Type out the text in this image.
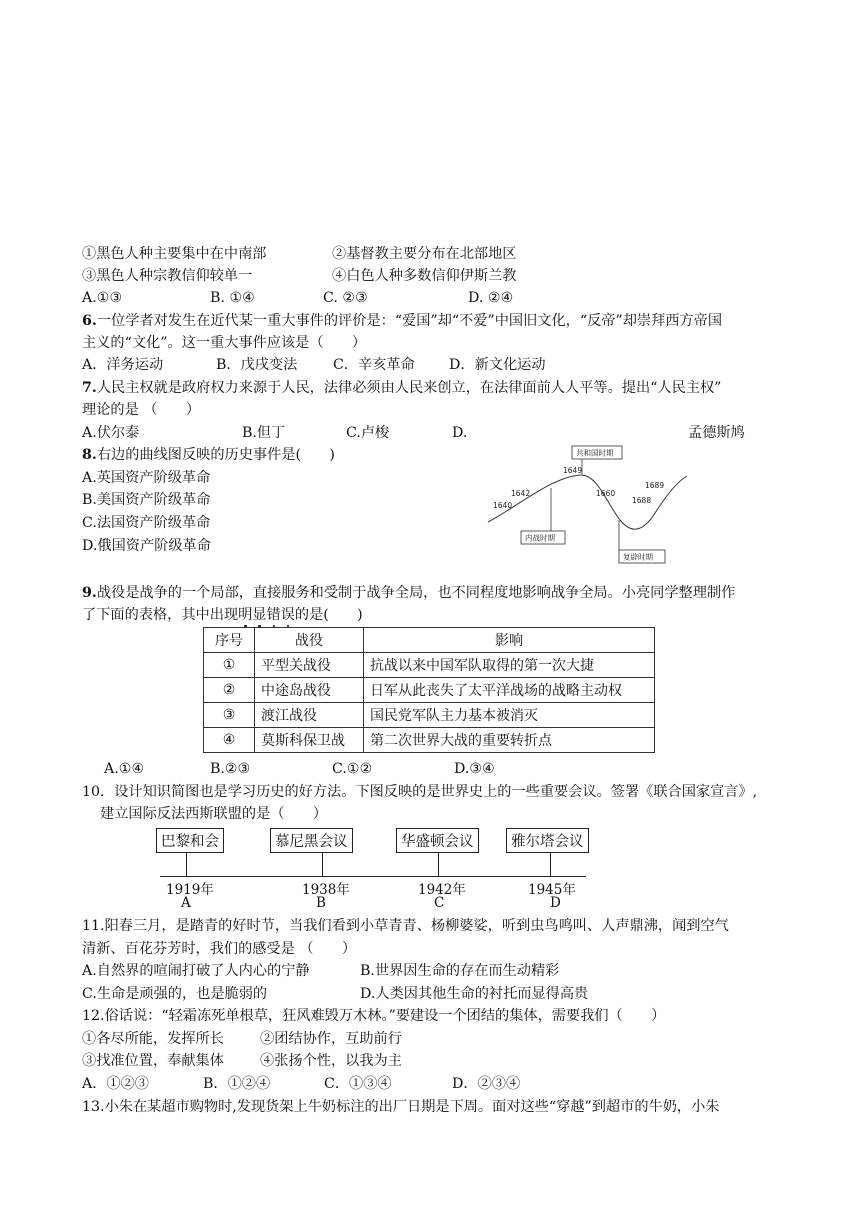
①黑色人种主要集中在中南部	②基督教主要分布在北部地区
③黑色人种宗教信仰较单一	④白色人种多数信仰伊斯兰教
A.①③	B. ①④	C. ②③	D. ②④
6.一位学者对发生在近代某一重大事件的评价是：“爱国”却“不爱”中国旧文化，“反帝”却崇拜西方帝国
主义的“文化”。这一重大事件应该是（　　）
A．洋务运动	B．戊戌变法	C．辛亥革命 D．新文化运动
7.人民主权就是政府权力来源于人民，法律必须由人民来创立，在法律面前人人平等。提出“人民主权”
理论的是 （　　）
A.伏尔泰	B.但丁	C.卢梭	D.	孟德斯鸠
8.右边的曲线图反映的历史事件是(　　)
A.英国资产阶级革命
B.美国资产阶级革命
C.法国资产阶级革命
D.俄国资产阶级革命
1640
1642
1649
1660
1688
1689
共和国时期
内战时期
复辟时期
9.战役是战争的一个局部，直接服务和受制于战争全局，也不同程度地影响战争全局。小亮同学整理制作
了下面的表格，其中出现明显错误的是(　　)
序号	战役	影响
①	平型关战役	抗战以来中国军队取得的第一次大捷
②	中途岛战役	日军从此丧失了太平洋战场的战略主动权
③	渡江战役	国民党军队主力基本被消灭
④	莫斯科保卫战	第二次世界大战的重要转折点
A.①④	B.②③	C.①②	D.③④
10．设计知识简图也是学习历史的好方法。下图反映的是世界史上的一些重要会议。签署《联合国家宣言》,
建立国际反法西斯联盟的是（　　）
巴黎和会
1919年
A
慕尼黑会议
1938年
B
华盛顿会议
1942年
C
雅尔塔会议
1945年
D
11.阳春三月，是踏青的好时节，当我们看到小草青青、杨柳婆娑，听到虫鸟鸣叫、人声鼎沸，闻到空气
清新、百花芬芳时，我们的感受是 （　　）
A.自然界的喧闹打破了人内心的宁静	B.世界因生命的存在而生动精彩
C.生命是顽强的，也是脆弱的	D.人类因其他生命的衬托而显得高贵
12.俗话说：“轻霜冻死单根草，狂风难毁万木林。”要建设一个团结的集体，需要我们（　　）
①各尽所能，发挥所长	②团结协作，互助前行
③找准位置，奉献集体	④张扬个性，以我为主
A．①②③	B．①②④	C．①③④	D．②③④
13.小朱在某超市购物时,发现货架上牛奶标注的出厂日期是下周。面对这些“穿越”到超市的牛奶，小朱
